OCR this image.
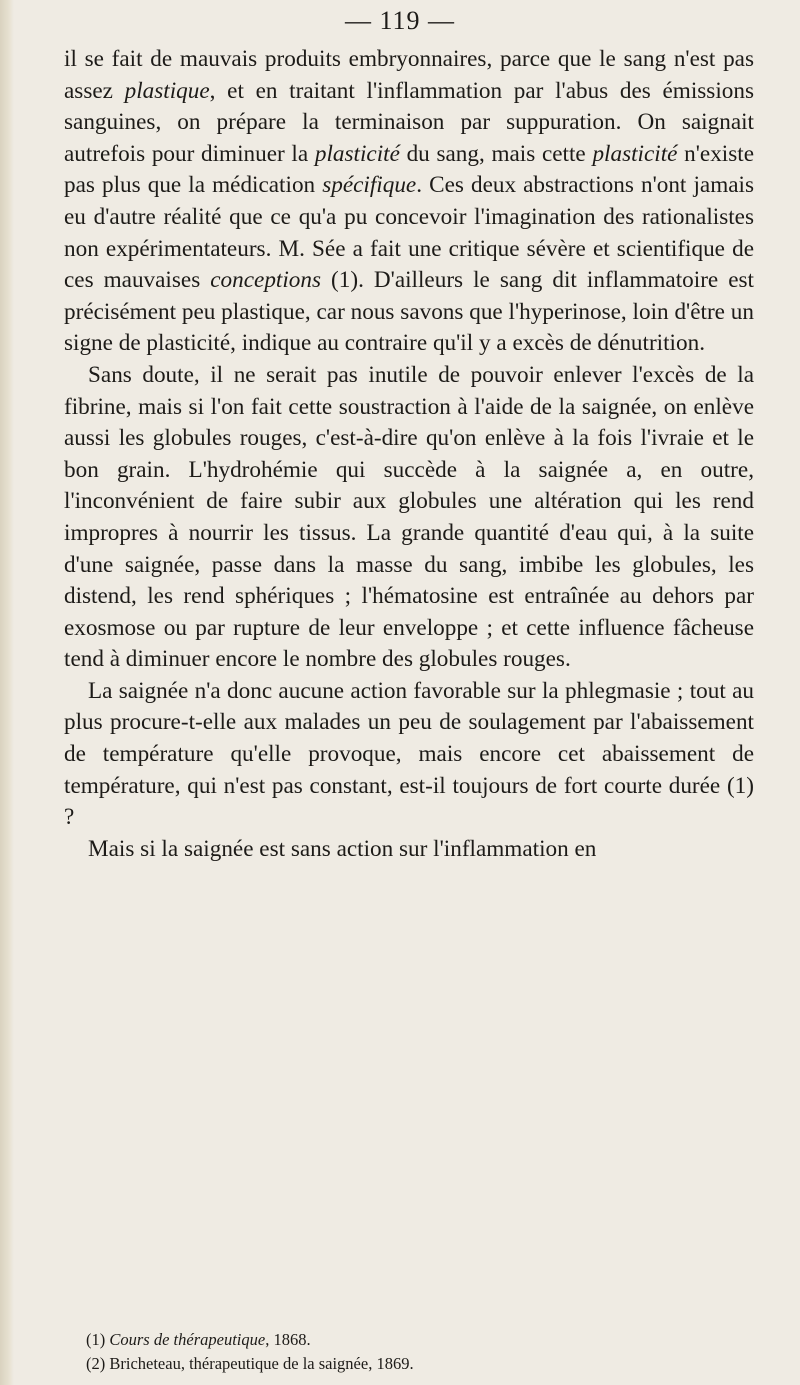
— 119 —

il se fait de mauvais produits embryonnaires, parce que le sang n'est pas assez plastique, et en traitant l'inflammation par l'abus des émissions sanguines, on prépare la terminaison par suppuration. On saignait autrefois pour diminuer la plasticité du sang, mais cette plasticité n'existe pas plus que la médication spécifique. Ces deux abstractions n'ont jamais eu d'autre réalité que ce qu'a pu concevoir l'imagination des rationalistes non expérimentateurs. M. Sée a fait une critique sévère et scientifique de ces mauvaises conceptions (1). D'ailleurs le sang dit inflammatoire est précisément peu plastique, car nous savons que l'hyperinose, loin d'être un signe de plasticité, indique au contraire qu'il y a excès de dénutrition.

Sans doute, il ne serait pas inutile de pouvoir enlever l'excès de la fibrine, mais si l'on fait cette soustraction à l'aide de la saignée, on enlève aussi les globules rouges, c'est-à-dire qu'on enlève à la fois l'ivraie et le bon grain. L'hydrohémie qui succède à la saignée a, en outre, l'inconvénient de faire subir aux globules une altération qui les rend impropres à nourrir les tissus. La grande quantité d'eau qui, à la suite d'une saignée, passe dans la masse du sang, imbibe les globules, les distend, les rend sphériques ; l'hématosine est entraînée au dehors par exosmose ou par rupture de leur enveloppe ; et cette influence fâcheuse tend à diminuer encore le nombre des globules rouges.

La saignée n'a donc aucune action favorable sur la phlegmasie ; tout au plus procure-t-elle aux malades un peu de soulagement par l'abaissement de température qu'elle provoque, mais encore cet abaissement de température, qui n'est pas constant, est-il toujours de fort courte durée (1) ?

Mais si la saignée est sans action sur l'inflammation en

(1) Cours de thérapeutique, 1868.

(2) Bricheteau, thérapeutique de la saignée, 1869.
